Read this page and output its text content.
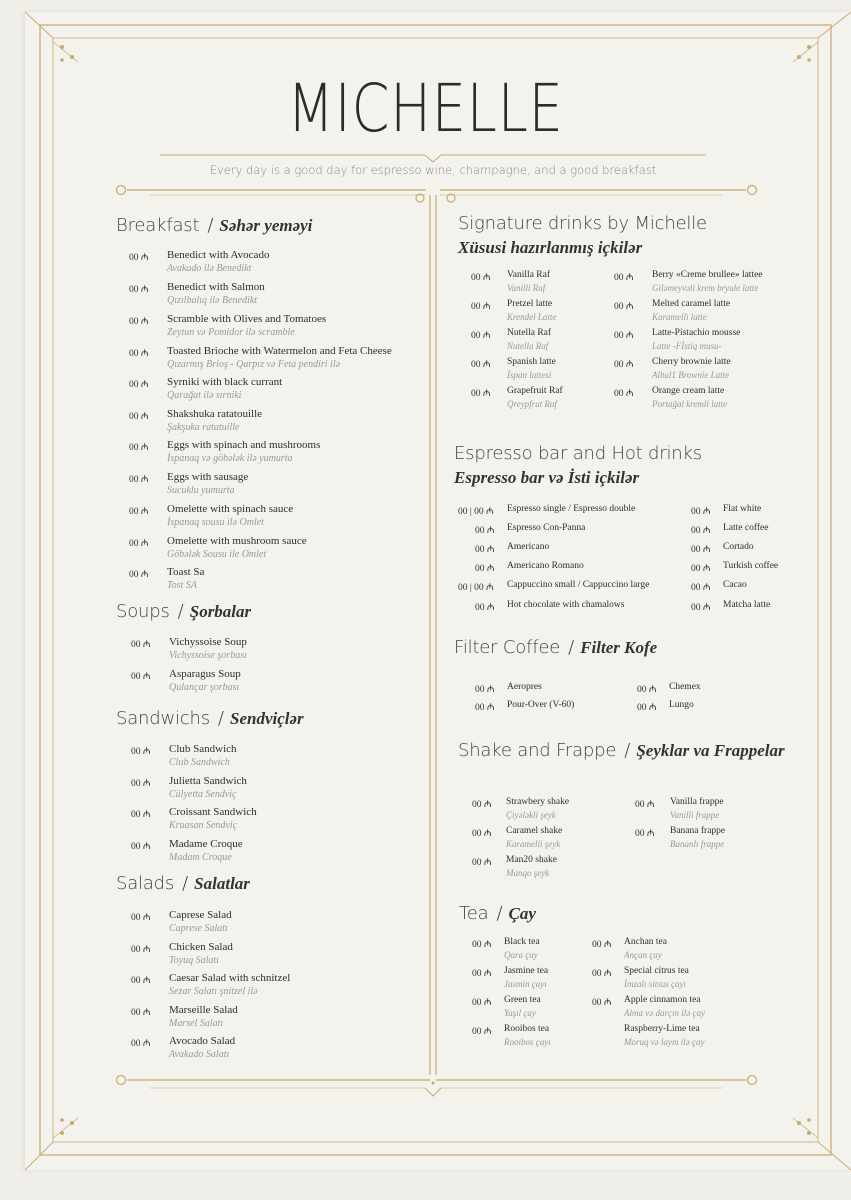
MICHELLE
Every day is a good day for espresso wine, champagne, and a good breakfast
Breakfast / Səhər yeməyi
Soups / Şorbalar
Sandwichs / Sendviçlər
Salads / Salatlar
Signature drinks by Michelle
Xüsusi hazırlanmış içkilər
Espresso bar and Hot drinks
Espresso bar və İsti içkilər
Filter Coffee / Filter Kofe
Shake and Frappe / Şeyklar va Frappelar
Tea / Çay
00 ₼ Benedict with Avocado
Avakado ilə Benedikt
00 ₼ Benedict with Salmon
Qızılbalıq ilə Benedikt
00 ₼ Scramble with Olives and Tomatoes
Zeytun və Pomidor ilə scramble
00 ₼ Toasted Brioche with Watermelon and Feta Cheese
Qızarmış Brioş - Qarpız və Feta pendiri ilə
00 ₼ Syrniki with black currant
Qarağat ilə sırniki
00 ₼ Shakshuka ratatouille
Şakşuka ratatuille
00 ₼ Eggs with spinach and mushrooms
İspanaq və göbələk ilə yumurta
00 ₼ Eggs with sausage
Sucuklu yumurta
00 ₼ Omelette with spinach sauce
İspanaq sousu ilə Omlet
00 ₼ Omelette with mushroom sauce
Göbələk Sousu ile Omlet
00 ₼ Toast Sa
Tost SA
00 ₼ Vichyssoise Soup
Vichyssoise şorbası
00 ₼ Asparagus Soup
Qulançar şorbası
00 ₼ Club Sandwich
Club Sandwich
00 ₼ Julietta Sandwich
Cülyetta Sendviç
00 ₼ Croissant Sandwich
Kruasan Sendviç
00 ₼ Madame Croque
Madam Croque
00 ₼ Caprese Salad
Caprese Salatı
00 ₼ Chicken Salad
Toyuq Salatı
00 ₼ Caesar Salad with schnitzel
Sezar Salatı şnitzel ilə
00 ₼ Marseille Salad
Marsel Salatı
00 ₼ Avocado Salad
Avakado Salatı
00 ₼ Vanilla Raf
Vanilli Raf
00 ₼ Berry «Creme brullee» lattee
Giləmeyvəli krem bryule latte
00 ₼ Pretzel latte
Krendel Latte
00 ₼ Melted caramel latte
Karamelli latte
00 ₼ Nutella Raf
Nutella Raf
00 ₼ Latte-Pistachio mousse
Latte -Fİstiq musu-
00 ₼ Spanish latte
İspan lattesi
00 ₼ Cherry brownie latte
Albal1 Brownie Latte
00 ₼ Grapefruit Raf
Qreypfrut Raf
00 ₼ Orange cream latte
Portağal kremli latte
00 | 00 ₼ Espresso single / Espresso double	00 ₼ Flat white
00 ₼ Espresso Con-Panna	00 ₼ Latte coffee
00 ₼ Americano	00 ₼ Cortado
00 ₼ Americano Romano	00 ₼ Turkish coffee
00 | 00 ₼ Cappuccino small / Cappuccino large	00 ₼ Cacao
00 ₼ Hot chocolate with chamalows	00 ₼ Matcha latte
00 ₼ Aeropres	00 ₼ Chemex
00 ₼ Pour-Over (V-60)	00 ₼ Lungo
00 ₼ Strawbery shake
Çiyələkli şeyk
00 ₼ Vanilla frappe
Vanilli frappe
00 ₼ Caramel shake
Karamelli şeyk
00 ₼ Banana frappe
Bananlı frappe
00 ₼ Man20 shake
Manqo şeyk
00 ₼ Black tea
Qara çay
00 ₼ Anchan tea
Ançan çay
00 ₼ Jasmine tea
Jasmin çayı
00 ₼ Special citrus tea
İmzalı sitsus çayı
00 ₼ Green tea
Yaşıl çay
00 ₼ Apple cinnamon tea
Alma və darçın ilə çay
00 ₼ Rooibos tea
Rooibos çayı
Raspberry-Lime tea
Moruq və laym ilə çay
